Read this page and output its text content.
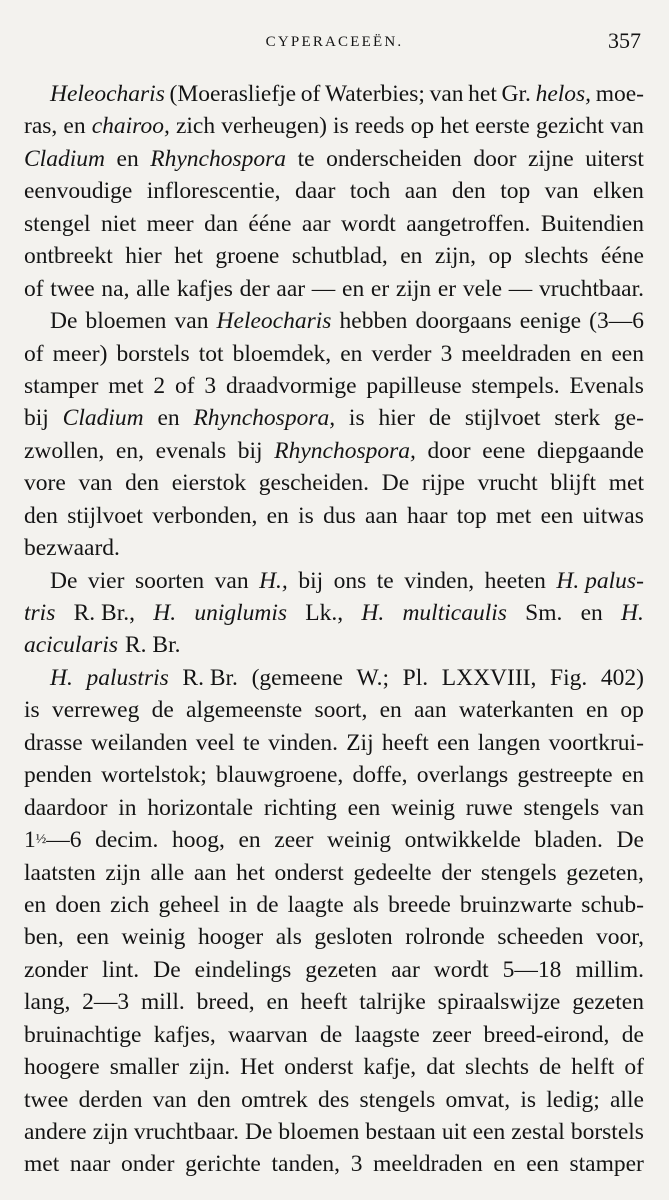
CYPERACEEËN.	357
Heleocharis (Moerasliefje of Waterbies; van het Gr. helos, moe-
ras, en chairoo, zich verheugen) is reeds op het eerste gezicht van
Cladium en Rhynchospora te onderscheiden door zijne uiterst
eenvoudige inflorescentie, daar toch aan den top van elken
stengel niet meer dan ééne aar wordt aangetroffen. Buitendien
ontbreekt hier het groene schutblad, en zijn, op slechts ééne
of twee na, alle kafjes der aar — en er zijn er vele — vruchtbaar.
De bloemen van Heleocharis hebben doorgaans eenige (3—6
of meer) borstels tot bloemdek, en verder 3 meeldraden en een
stamper met 2 of 3 draadvormige papilleuse stempels. Evenals
bij Cladium en Rhynchospora, is hier de stijlvoet sterk ge-
zwollen, en, evenals bij Rhynchospora, door eene diepgaande
vore van den eierstok gescheiden. De rijpe vrucht blijft met
den stijlvoet verbonden, en is dus aan haar top met een uitwas
bezwaard.
De vier soorten van H., bij ons te vinden, heeten H. palus-
tris R. Br., H. uniglumis Lk., H. multicaulis Sm. en H.
acicularis R. Br.
H. palustris R. Br. (gemeene W.; Pl. LXXVIII, Fig. 402)
is verreweg de algemeenste soort, en aan waterkanten en op
drasse weilanden veel te vinden. Zij heeft een langen voortkrui-
penden wortelstok; blauwgroene, doffe, overlangs gestreepte en
daardoor in horizontale richting een weinig ruwe stengels van
1½—6 decim. hoog, en zeer weinig ontwikkelde bladen. De
laatsten zijn alle aan het onderst gedeelte der stengels gezeten,
en doen zich geheel in de laagte als breede bruinzwarte schub-
ben, een weinig hooger als gesloten rolronde scheeden voor,
zonder lint. De eindelings gezeten aar wordt 5—18 millim.
lang, 2—3 mill. breed, en heeft talrijke spiraalswijze gezeten
bruinachtige kafjes, waarvan de laagste zeer breed-eirond, de
hoogere smaller zijn. Het onderst kafje, dat slechts de helft of
twee derden van den omtrek des stengels omvat, is ledig; alle
andere zijn vruchtbaar. De bloemen bestaan uit een zestal borstels
met naar onder gerichte tanden, 3 meeldraden en een stamper
